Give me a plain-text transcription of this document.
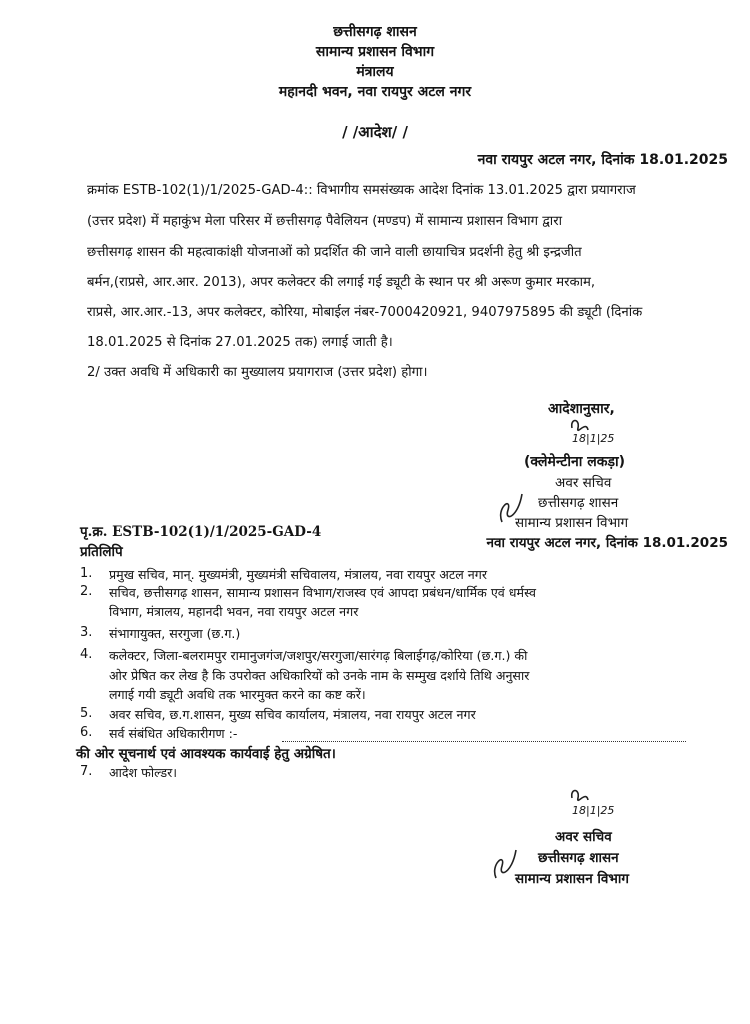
छत्तीसगढ़ शासन
सामान्य प्रशासन विभाग
मंत्रालय
महानदी भवन, नवा रायपुर अटल नगर
/ /आदेश/ /
नवा रायपुर अटल नगर, दिनांक 18.01.2025
क्रमांक ESTB-102(1)/1/2025-GAD-4:: विभागीय समसंख्यक आदेश दिनांक 13.01.2025 द्वारा प्रयागराज
(उत्तर प्रदेश) में महाकुंभ मेला परिसर में छत्तीसगढ़ पैवेलियन (मण्डप) में सामान्य प्रशासन विभाग द्वारा
छत्तीसगढ़ शासन की महत्वाकांक्षी योजनाओं को प्रदर्शित की जाने वाली छायाचित्र प्रदर्शनी हेतु श्री इन्द्रजीत
बर्मन,(राप्रसे, आर.आर. 2013), अपर कलेक्टर की लगाई गई ड्यूटी के स्थान पर श्री अरूण कुमार मरकाम,
राप्रसे, आर.आर.-13, अपर कलेक्टर, कोरिया, मोबाईल नंबर-7000420921, 9407975895 की ड्यूटी (दिनांक
18.01.2025 से दिनांक 27.01.2025 तक) लगाई जाती है।
2/ उक्त अवधि में अधिकारी का मुख्यालय प्रयागराज (उत्तर प्रदेश) होगा।
आदेशानुसार,
18|1|25
(क्लेमेन्टीना लकड़ा)
अवर सचिव
छत्तीसगढ़ शासन
सामान्य प्रशासन विभाग
पृ.क्र. ESTB-102(1)/1/2025-GAD-4
नवा रायपुर अटल नगर, दिनांक 18.01.2025
प्रतिलिपि
1. प्रमुख सचिव, मान्. मुख्यमंत्री, मुख्यमंत्री सचिवालय, मंत्रालय, नवा रायपुर अटल नगर
2. सचिव, छत्तीसगढ़ शासन, सामान्य प्रशासन विभाग/राजस्व एवं आपदा प्रबंधन/धार्मिक एवं धर्मस्व
विभाग, मंत्रालय, महानदी भवन, नवा रायपुर अटल नगर
3. संभागायुक्त, सरगुजा (छ.ग.)
4. कलेक्टर, जिला-बलरामपुर रामानुजगंज/जशपुर/सरगुजा/सारंगढ़ बिलाईगढ़/कोरिया (छ.ग.) की
ओर प्रेषित कर लेख है कि उपरोक्त अधिकारियों को उनके नाम के सम्मुख दर्शाये तिथि अनुसार
लगाई गयी ड्यूटी अवधि तक भारमुक्त करने का कष्ट करें।
5. अवर सचिव, छ.ग.शासन, मुख्य सचिव कार्यालय, मंत्रालय, नवा रायपुर अटल नगर
6. सर्व संबंधित अधिकारीगण :-
की ओर सूचनार्थ एवं आवश्यक कार्यवाई हेतु अग्रेषित।
7. आदेश फोल्डर।
18|1|25
अवर सचिव
छत्तीसगढ़ शासन
सामान्य प्रशासन विभाग
